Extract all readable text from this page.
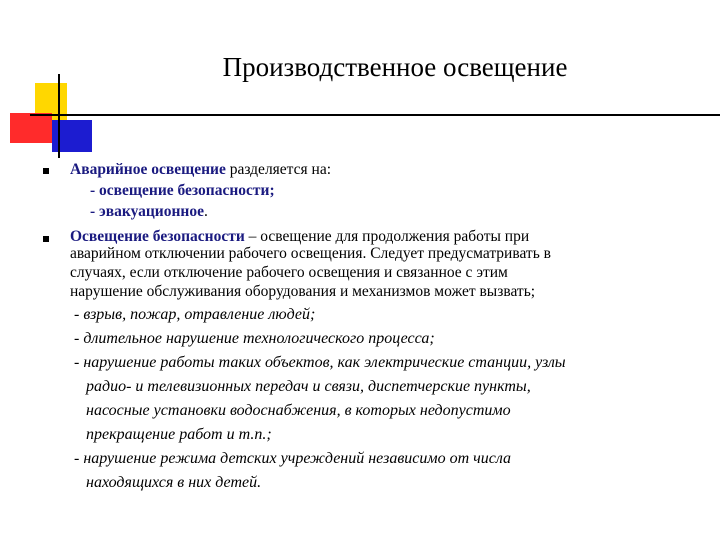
Производственное освещение
Аварийное освещение разделяется на:
- освещение безопасности;
- эвакуационное.
Освещение безопасности – освещение для продолжения работы при
аварийном отключении рабочего освещения. Следует предусматривать в
случаях, если отключение рабочего освещения и связанное с этим
нарушение обслуживания оборудования и механизмов может вызвать;
- взрыв, пожар, отравление людей;
- длительное нарушение технологического процесса;
- нарушение работы таких объектов, как электрические станции, узлы
радио- и телевизионных передач и связи, диспетчерские пункты,
насосные установки водоснабжения, в которых недопустимо
прекращение работ и т.п.;
- нарушение режима детских учреждений независимо от числа
находящихся в них детей.
